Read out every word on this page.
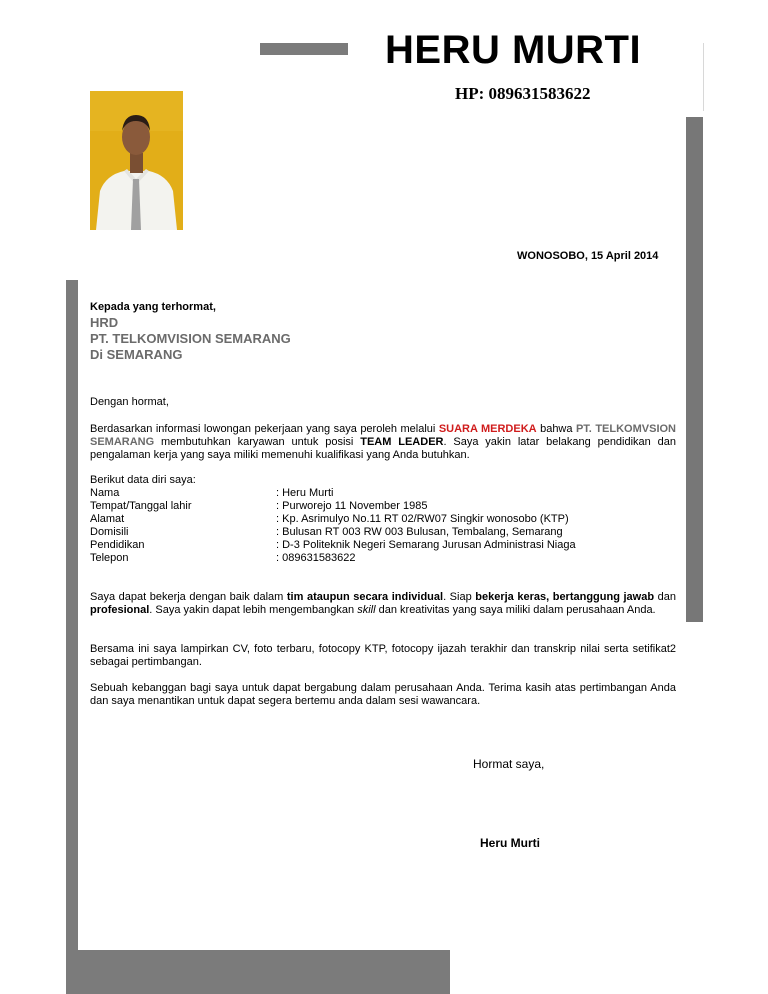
HERU MURTI
HP: 089631583622
WONOSOBO, 15 April 2014
Kepada yang terhormat,
HRD
PT. TELKOMVISION SEMARANG
Di SEMARANG
Dengan hormat,
Berdasarkan informasi lowongan pekerjaan yang saya peroleh melalui SUARA MERDEKA bahwa PT. TELKOMVSION SEMARANG membutuhkan karyawan untuk posisi TEAM LEADER. Saya yakin latar belakang pendidikan dan pengalaman kerja yang saya miliki memenuhi kualifikasi yang Anda butuhkan.
Berikut data diri saya:
Nama	: Heru Murti
Tempat/Tanggal lahir	: Purworejo 11 November 1985
Alamat	: Kp. Asrimulyo No.11 RT 02/RW07 Singkir wonosobo (KTP)
Domisili	: Bulusan RT 003 RW 003 Bulusan, Tembalang, Semarang
Pendidikan	: D-3 Politeknik Negeri Semarang Jurusan Administrasi Niaga
Telepon	: 089631583622
Saya dapat bekerja dengan baik dalam tim ataupun secara individual. Siap bekerja keras, bertanggung jawab dan profesional. Saya yakin dapat lebih mengembangkan skill dan kreativitas yang saya miliki dalam perusahaan Anda.
Bersama ini saya lampirkan CV, foto terbaru, fotocopy KTP, fotocopy ijazah terakhir dan transkrip nilai serta setifikat2 sebagai pertimbangan.
Sebuah kebanggan bagi saya untuk dapat bergabung dalam perusahaan Anda. Terima kasih atas pertimbangan Anda dan saya menantikan untuk dapat segera bertemu anda dalam sesi wawancara.
Hormat saya,
Heru Murti
